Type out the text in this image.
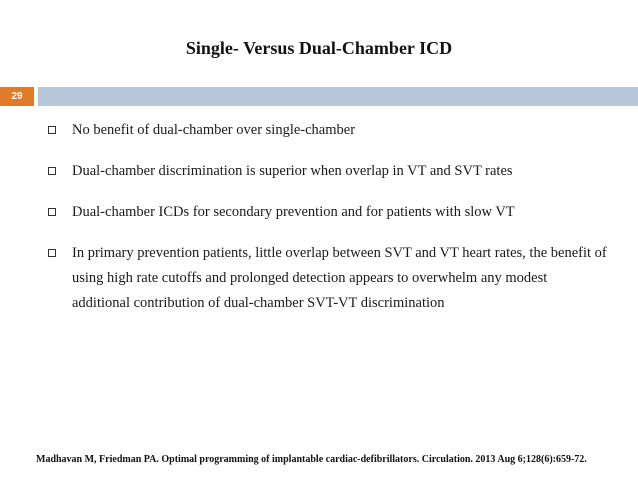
Single- Versus Dual-Chamber ICD
29
No benefit of dual-chamber over single-chamber
Dual-chamber discrimination is superior when overlap in VT and SVT rates
Dual-chamber ICDs for secondary prevention and for patients with slow VT
In primary prevention patients, little overlap between SVT and VT heart rates, the benefit of using high rate cutoffs and prolonged detection appears to overwhelm any modest additional contribution of dual-chamber SVT-VT discrimination
Madhavan M, Friedman PA. Optimal programming of implantable cardiac-defibrillators. Circulation. 2013 Aug 6;128(6):659-72.
